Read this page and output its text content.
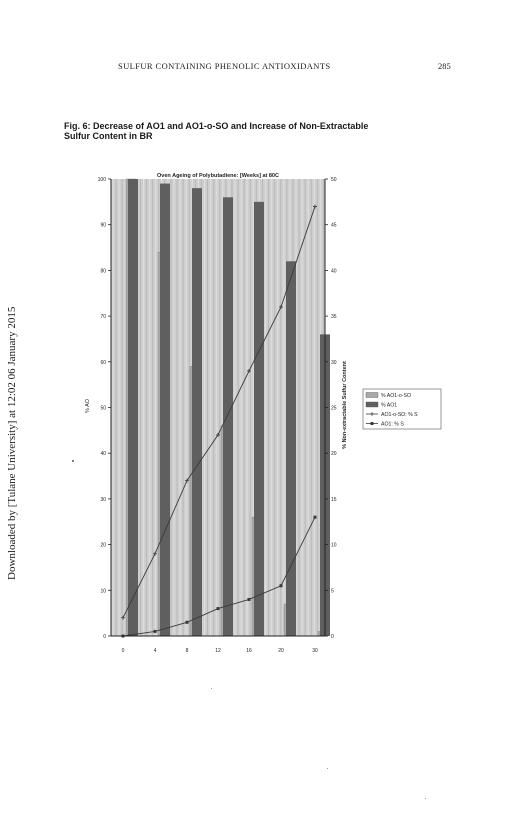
SULFUR CONTAINING PHENOLIC ANTIOXIDANTS	285
Downloaded by [Tulane University] at 12:02 06 January 2015
Fig. 6: Decrease of AO1 and AO1-o-SO and Increase of Non-Extractable
Sulfur Content in BR
0
10
20
30
40
50
60
70
80
90
100
0
5
10
15
20
25
30
35
40
45
50
0	4	8	12	16	20	30
Oven Ageing of Polybutadiene: [Weeks] at 80C
% AO	% Non-extractable Sulfur Content	% AO1-o-SO
% AO1
AO1-o-SO: % S
AO1: % S
